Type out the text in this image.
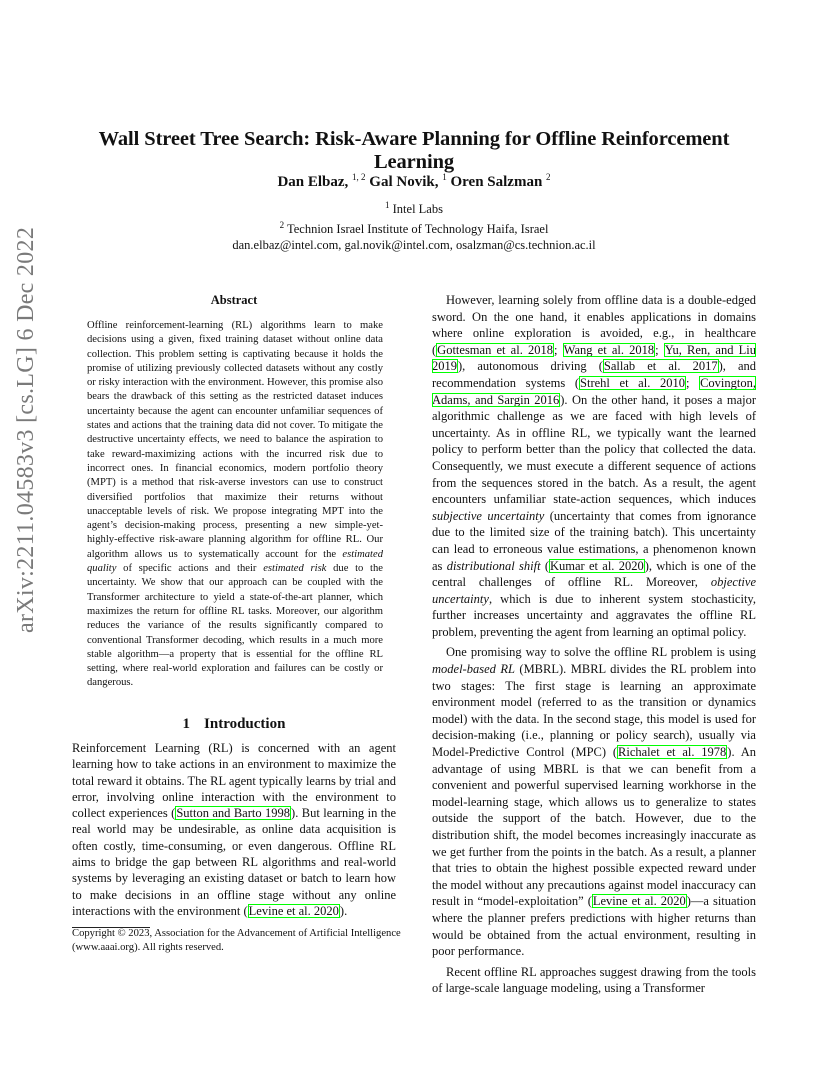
arXiv:2211.04583v3 [cs.LG] 6 Dec 2022
Wall Street Tree Search: Risk-Aware Planning for Offline Reinforcement Learning
Dan Elbaz, $^{1, 2}$ Gal Novik, $^1$ Oren Salzman $^2$
$^1$ Intel Labs
$^2$ Technion Israel Institute of Technology Haifa, Israel
dan.elbaz@intel.com, gal.novik@intel.com, osalzman@cs.technion.ac.il
Abstract
Offline reinforcement-learning (RL) algorithms learn to make decisions using a given, fixed training dataset without online data collection. This problem setting is captivating because it holds the promise of utilizing previously collected datasets without any costly or risky interaction with the environment. However, this promise also bears the drawback of this setting as the restricted dataset induces uncertainty because the agent can encounter unfamiliar sequences of states and actions that the training data did not cover. To mitigate the destructive uncertainty effects, we need to balance the aspiration to take reward-maximizing actions with the incurred risk due to incorrect ones. In financial economics, modern portfolio theory (MPT) is a method that risk-averse investors can use to construct diversified portfolios that maximize their returns without unacceptable levels of risk. We propose integrating MPT into the agent’s decision-making process, presenting a new simple-yet-highly-effective risk-aware planning algorithm for offline RL. Our algorithm allows us to systematically account for the estimated quality of specific actions and their estimated risk due to the uncertainty. We show that our approach can be coupled with the Transformer architecture to yield a state-of-the-art planner, which maximizes the return for offline RL tasks. Moreover, our algorithm reduces the variance of the results significantly compared to conventional Transformer decoding, which results in a much more stable algorithm—a property that is essential for the offline RL setting, where real-world exploration and failures can be costly or dangerous.
1 Introduction
Reinforcement Learning (RL) is concerned with an agent learning how to take actions in an environment to maximize the total reward it obtains. The RL agent typically learns by trial and error, involving online interaction with the environment to collect experiences (Sutton and Barto 1998). But learning in the real world may be undesirable, as online data acquisition is often costly, time-consuming, or even dangerous. Offline RL aims to bridge the gap between RL algorithms and real-world systems by leveraging an existing dataset or batch to learn how to make decisions in an offline stage without any online interactions with the environment (Levine et al. 2020).
Copyright © 2023, Association for the Advancement of Artificial Intelligence (www.aaai.org). All rights reserved.

However, learning solely from offline data is a double-edged sword. On the one hand, it enables applications in domains where online exploration is avoided, e.g., in healthcare (Gottesman et al. 2018; Wang et al. 2018; Yu, Ren, and Liu 2019), autonomous driving (Sallab et al. 2017), and recommendation systems (Strehl et al. 2010; Covington, Adams, and Sargin 2016). On the other hand, it poses a major algorithmic challenge as we are faced with high levels of uncertainty. As in offline RL, we typically want the learned policy to perform better than the policy that collected the data. Consequently, we must execute a different sequence of actions from the sequences stored in the batch. As a result, the agent encounters unfamiliar state-action sequences, which induces subjective uncertainty (uncertainty that comes from ignorance due to the limited size of the training batch). This uncertainty can lead to erroneous value estimations, a phenomenon known as distributional shift (Kumar et al. 2020), which is one of the central challenges of offline RL. Moreover, objective uncertainty, which is due to inherent system stochasticity, further increases uncertainty and aggravates the offline RL problem, preventing the agent from learning an optimal policy.

One promising way to solve the offline RL problem is using model-based RL (MBRL). MBRL divides the RL problem into two stages: The first stage is learning an approximate environment model (referred to as the transition or dynamics model) with the data. In the second stage, this model is used for decision-making (i.e., planning or policy search), usually via Model-Predictive Control (MPC) (Richalet et al. 1978). An advantage of using MBRL is that we can benefit from a convenient and powerful supervised learning workhorse in the model-learning stage, which allows us to generalize to states outside the support of the batch. However, due to the distribution shift, the model becomes increasingly inaccurate as we get further from the points in the batch. As a result, a planner that tries to obtain the highest possible expected reward under the model without any precautions against model inaccuracy can result in “model-exploitation” (Levine et al. 2020)—a situation where the planner prefers predictions with higher returns than would be obtained from the actual environment, resulting in poor performance.

Recent offline RL approaches suggest drawing from the tools of large-scale language modeling, using a Transformer
